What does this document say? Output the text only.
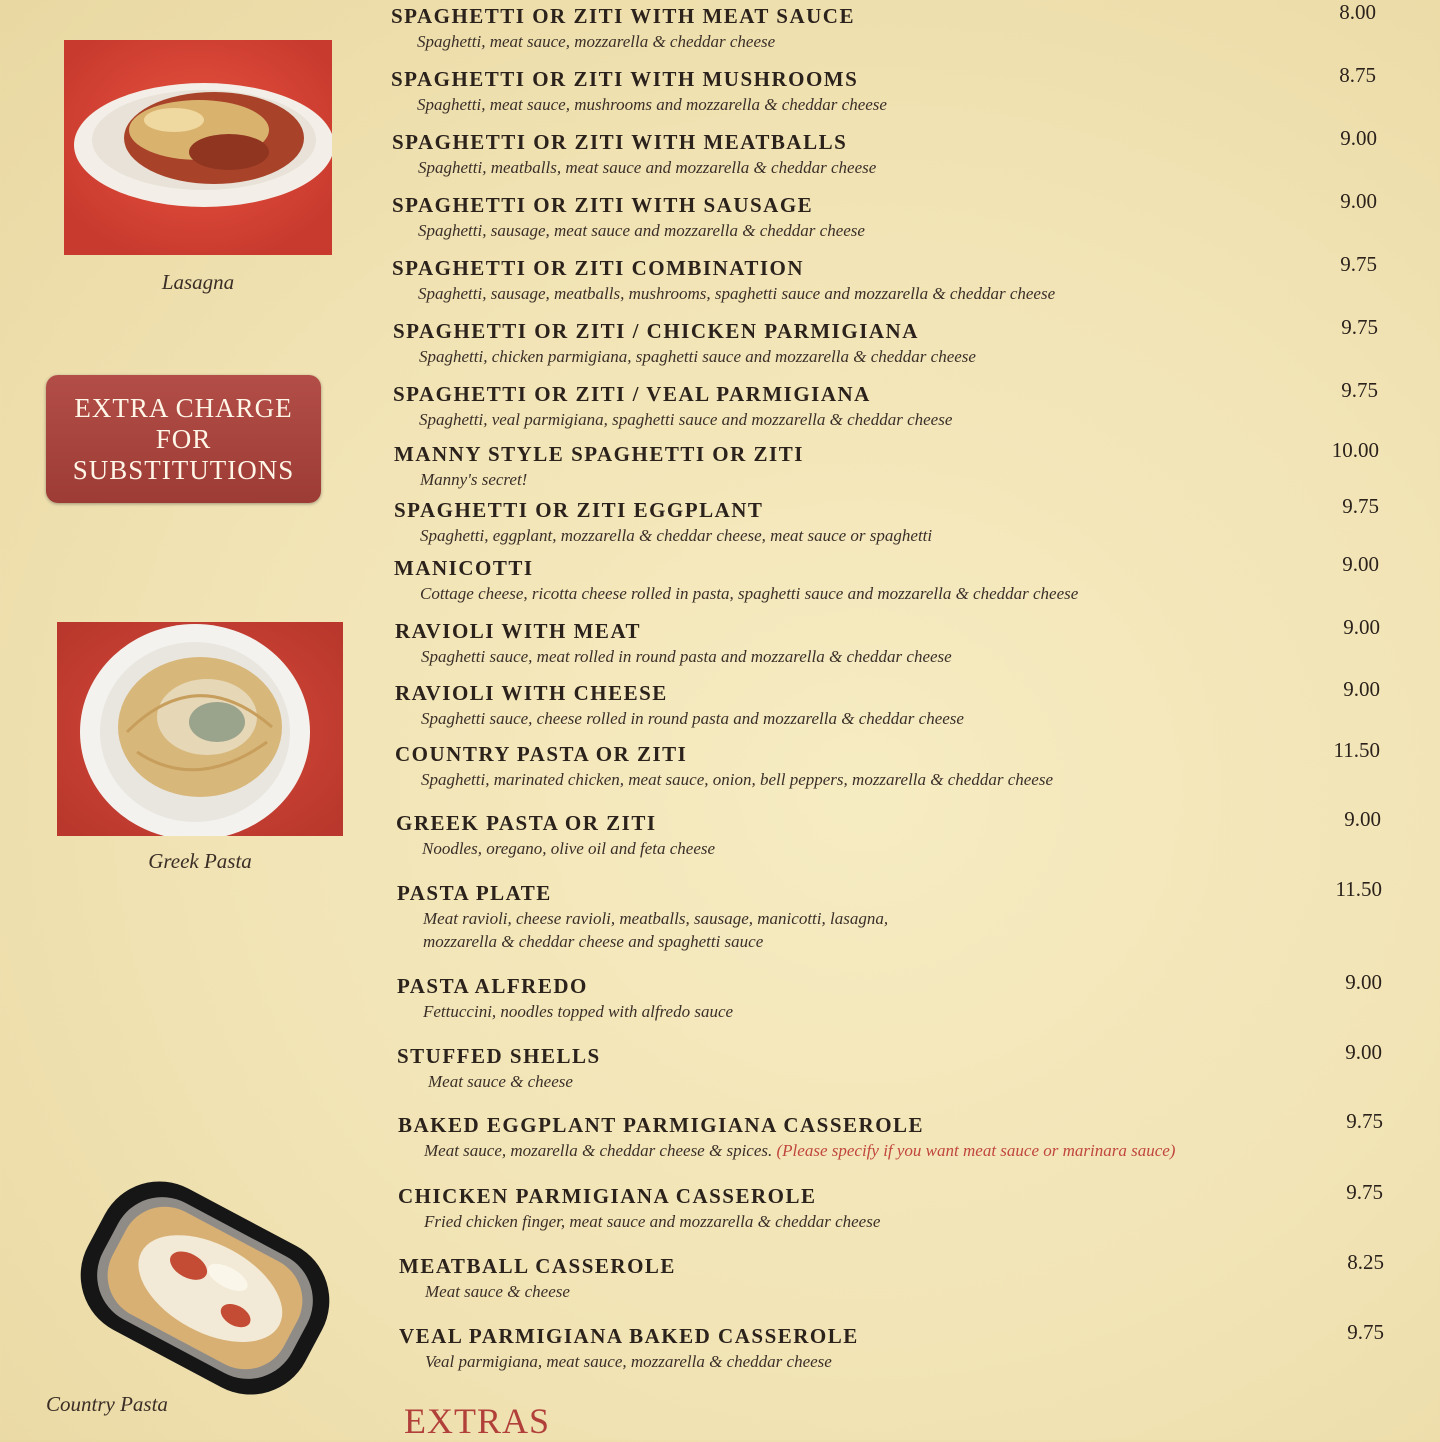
Lasagna
EXTRA CHARGE
FOR
SUBSTITUTIONS
Greek Pasta
Country Pasta
SPAGHETTI OR ZITI WITH MEAT SAUCE	8.00
Spaghetti, meat sauce, mozzarella & cheddar cheese
SPAGHETTI OR ZITI WITH MUSHROOMS	8.75
Spaghetti, meat sauce, mushrooms and mozzarella & cheddar cheese
SPAGHETTI OR ZITI WITH MEATBALLS	9.00
Spaghetti, meatballs, meat sauce and mozzarella & cheddar cheese
SPAGHETTI OR ZITI WITH SAUSAGE	9.00
Spaghetti, sausage, meat sauce and mozzarella & cheddar cheese
SPAGHETTI OR ZITI COMBINATION	9.75
Spaghetti, sausage, meatballs, mushrooms, spaghetti sauce and mozzarella & cheddar cheese
SPAGHETTI OR ZITI / CHICKEN PARMIGIANA	9.75
Spaghetti, chicken parmigiana, spaghetti sauce and mozzarella & cheddar cheese
SPAGHETTI OR ZITI / VEAL PARMIGIANA	9.75
Spaghetti, veal parmigiana, spaghetti sauce and mozzarella & cheddar cheese
MANNY STYLE SPAGHETTI OR ZITI	10.00
Manny's secret!
SPAGHETTI OR ZITI EGGPLANT	9.75
Spaghetti, eggplant, mozzarella & cheddar cheese, meat sauce or spaghetti
MANICOTTI	9.00
Cottage cheese, ricotta cheese rolled in pasta, spaghetti sauce and mozzarella & cheddar cheese
RAVIOLI WITH MEAT	9.00
Spaghetti sauce, meat rolled in round pasta and mozzarella & cheddar cheese
RAVIOLI WITH CHEESE	9.00
Spaghetti sauce, cheese rolled in round pasta and mozzarella & cheddar cheese
COUNTRY PASTA OR ZITI	11.50
Spaghetti, marinated chicken, meat sauce, onion, bell peppers, mozzarella & cheddar cheese
GREEK PASTA OR ZITI	9.00
Noodles, oregano, olive oil and feta cheese
PASTA PLATE	11.50
Meat ravioli, cheese ravioli, meatballs, sausage, manicotti, lasagna,
mozzarella & cheddar cheese and spaghetti sauce
PASTA ALFREDO	9.00
Fettuccini, noodles topped with alfredo sauce
STUFFED SHELLS	9.00
Meat sauce & cheese
BAKED EGGPLANT PARMIGIANA CASSEROLE	9.75
Meat sauce, mozarella & cheddar cheese & spices. (Please specify if you want meat sauce or marinara sauce)
CHICKEN PARMIGIANA CASSEROLE	9.75
Fried chicken finger, meat sauce and mozzarella & cheddar cheese
MEATBALL CASSEROLE	8.25
Meat sauce & cheese
VEAL PARMIGIANA BAKED CASSEROLE	9.75
Veal parmigiana, meat sauce, mozzarella & cheddar cheese
EXTRAS
